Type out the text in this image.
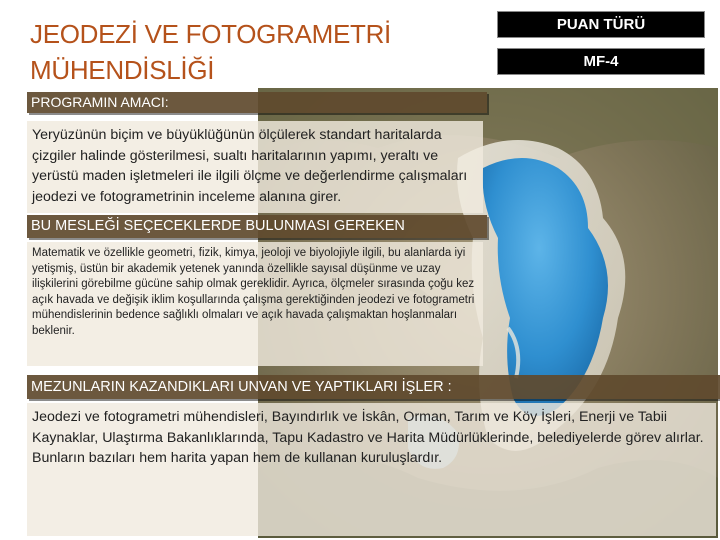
JEODEZİ VE FOTOGRAMETRİ
MÜHENDİSLİĞİ
PUAN TÜRÜ
MF-4
PROGRAMIN AMACI:
Yeryüzünün biçim ve büyüklüğünün ölçülerek standart haritalarda çizgiler halinde gösterilmesi, sualtı haritalarının yapımı, yeraltı ve yerüstü maden işletmeleri ile ilgili ölçme ve değerlendirme çalışmaları jeodezi ve fotogrametrinin inceleme alanına girer.
BU MESLEĞİ SEÇECEKLERDE BULUNMASI GEREKEN
Matematik ve özellikle geometri, fizik, kimya, jeoloji ve biyolojiyle ilgili, bu alanlarda iyi yetişmiş, üstün bir akademik yetenek yanında özellikle sayısal düşünme ve uzay ilişkilerini görebilme gücüne sahip olmak gereklidir. Ayrıca, ölçmeler sırasında çoğu kez açık havada ve değişik iklim koşullarında çalışma gerektiğinden jeodezi ve fotogrametri mühendislerinin bedence sağlıklı olmaları ve açık havada çalışmaktan hoşlanmaları beklenir.
MEZUNLARIN KAZANDIKLARI UNVAN VE YAPTIKLARI İŞLER :
Jeodezi ve fotogrametri mühendisleri, Bayındırlık ve İskân, Orman, Tarım ve Köy İşleri, Enerji ve Tabii Kaynaklar, Ulaştırma Bakanlıklarında, Tapu Kadastro ve Harita Müdürlüklerinde, belediyelerde görev alırlar. Bunların bazıları hem harita yapan hem de kullanan kuruluşlardır.
